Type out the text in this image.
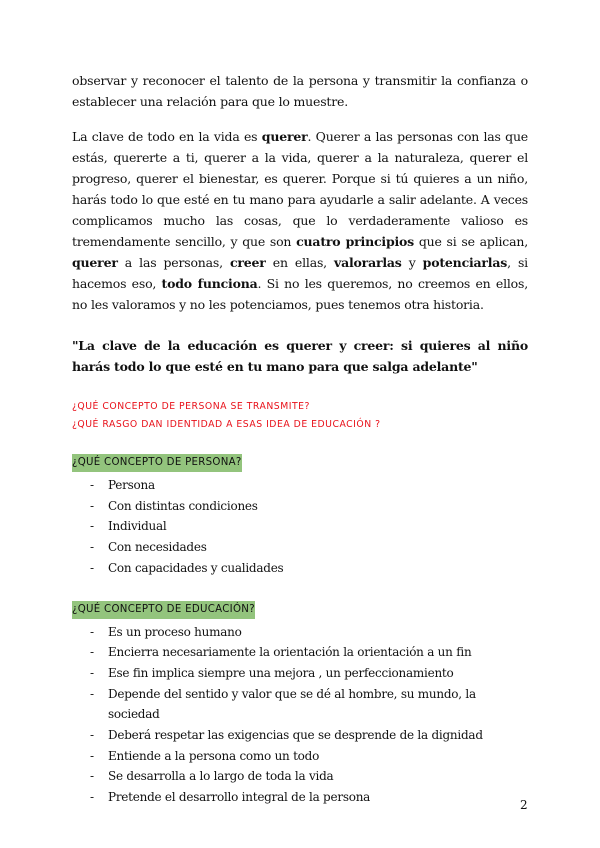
observar y reconocer el talento de la persona y transmitir la confianza o establecer una relación para que lo muestre.

La clave de todo en la vida es querer. Querer a las personas con las que estás, quererte a ti, querer a la vida, querer a la naturaleza, querer el progreso, querer el bienestar, es querer. Porque si tú quieres a un niño, harás todo lo que esté en tu mano para ayudarle a salir adelante. A veces complicamos mucho las cosas, que lo verdaderamente valioso es tremendamente sencillo, y que son cuatro principios que si se aplican, querer a las personas, creer en ellas, valorarlas y potenciarlas, si hacemos eso, todo funciona. Si no les queremos, no creemos en ellos, no les valoramos y no les potenciamos, pues tenemos otra historia.

"La clave de la educación es querer y creer: si quieres al niño harás todo lo que esté en tu mano para que salga adelante"

¿QUÉ CONCEPTO DE PERSONA SE TRANSMITE?
¿QUÉ RASGO DAN IDENTIDAD A ESAS IDEA DE EDUCACIÓN ?
¿QUÉ CONCEPTO DE PERSONA?
- Persona
- Con distintas condiciones
- Individual
- Con necesidades
- Con capacidades y cualidades
¿QUÉ CONCEPTO DE EDUCACIÓN?
- Es un proceso humano
- Encierra necesariamente la orientación la orientación a un fin
- Ese fin implica siempre una mejora , un perfeccionamiento
- Depende del sentido y valor que se dé al hombre, su mundo, la sociedad
- Deberá respetar las exigencias que se desprende de la dignidad
- Entiende a la persona como un todo
- Se desarrolla a lo largo de toda la vida
- Pretende el desarrollo integral de la persona
2
